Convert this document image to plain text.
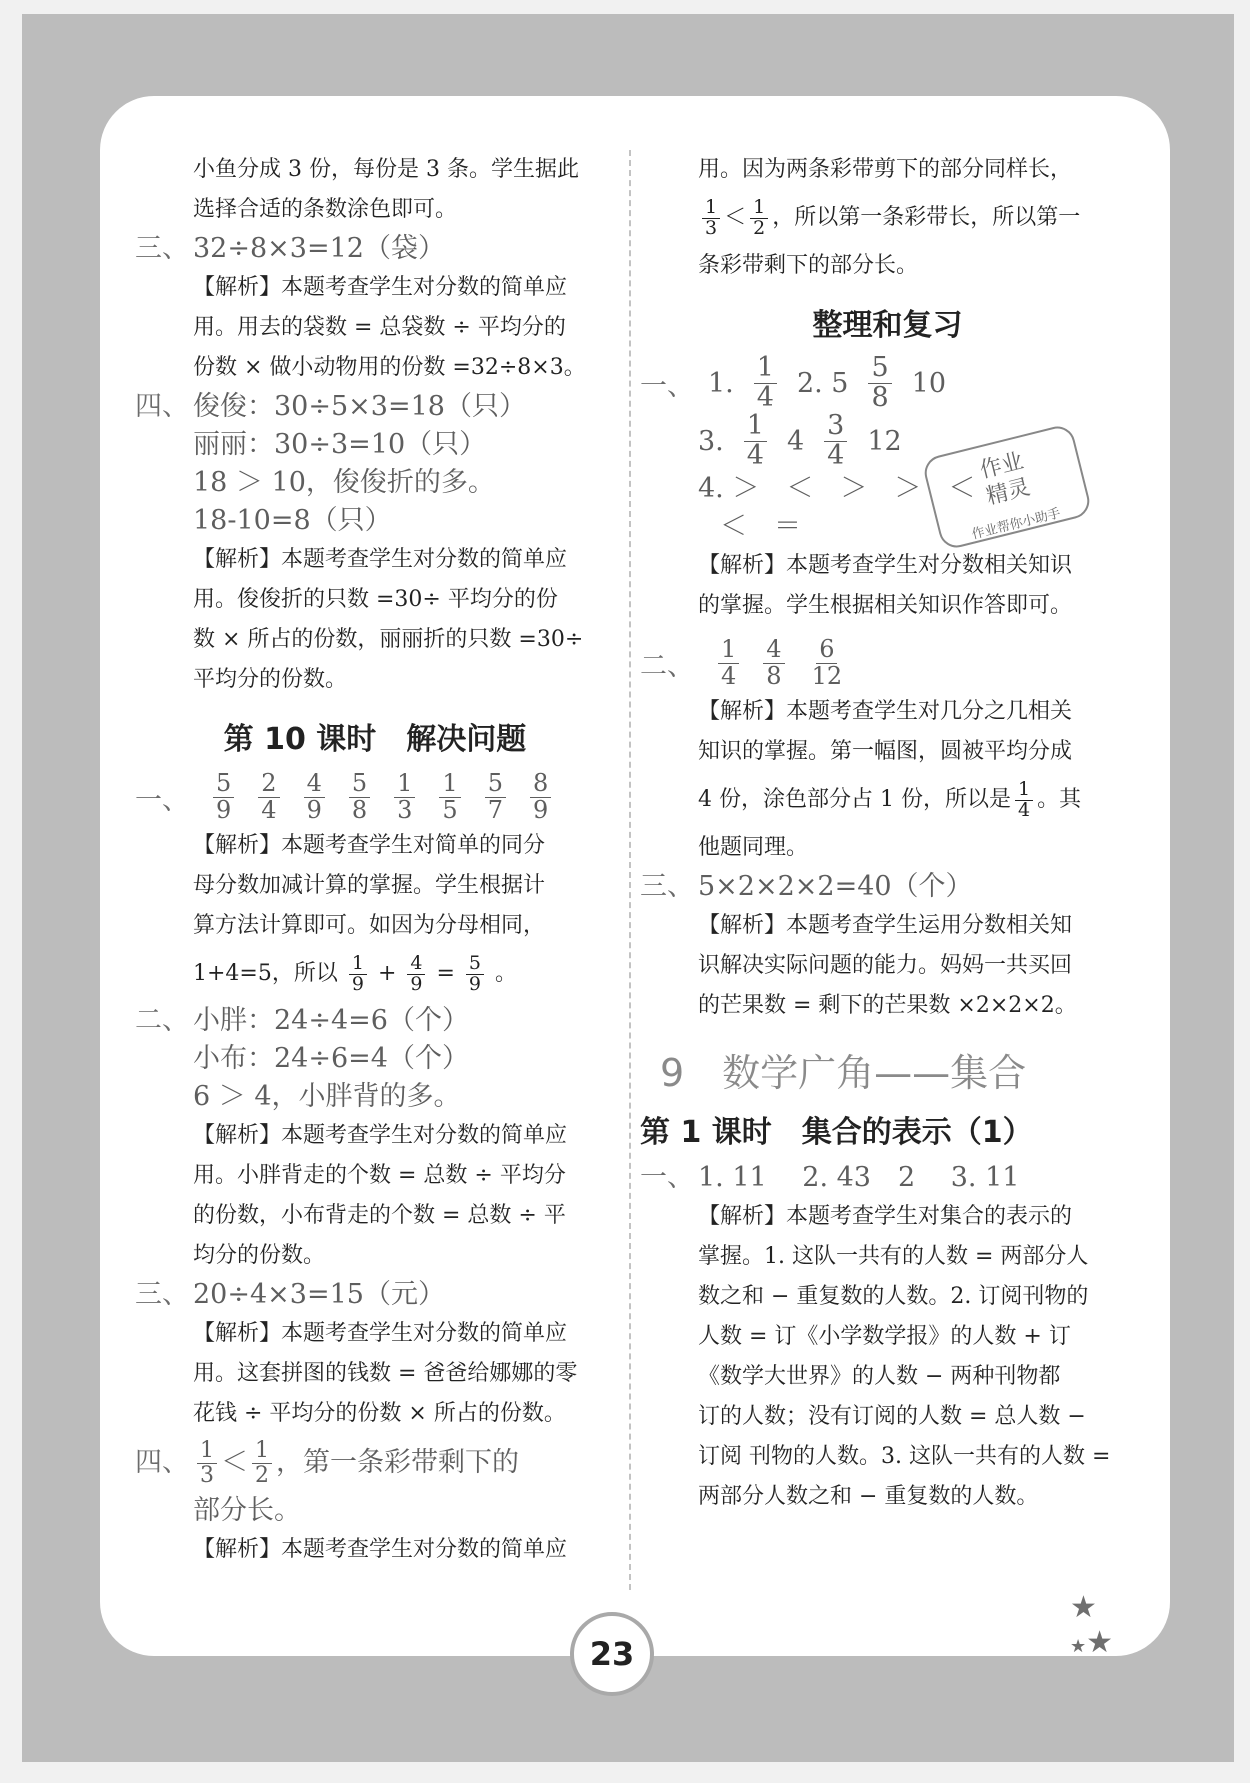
小鱼分成 3 份，每份是 3 条。学生据此
选择合适的条数涂色即可。
三、 32÷8×3=12（袋）
【解析】本题考查学生对分数的简单应
用。用去的袋数 = 总袋数 ÷ 平均分的
份数 × 做小动物用的份数 =32÷8×3。
四、 俊俊：30÷5×3=18（只）
丽丽：30÷3=10（只）
18 ＞ 10，俊俊折的多。
18-10=8（只）
【解析】本题考查学生对分数的简单应
用。俊俊折的只数 =30÷ 平均分的份
数 × 所占的份数，丽丽折的只数 =30÷
平均分的份数。
第 10 课时　解决问题
一、 $\frac{5}{9} \frac{2}{4} \frac{4}{9} \frac{5}{8} \frac{1}{3} \frac{1}{5} \frac{5}{7} \frac{8}{9}$
【解析】本题考查学生对简单的同分
母分数加减计算的掌握。学生根据计
算方法计算即可。如因为分母相同，
1+4=5，所以 $\frac{1}{9} + \frac{4}{9} = \frac{5}{9}$ 。
二、 小胖：24÷4=6（个）
小布：24÷6=4（个）
6 ＞ 4，小胖背的多。
【解析】本题考查学生对分数的简单应
用。小胖背走的个数 = 总数 ÷ 平均分
的份数，小布背走的个数 = 总数 ÷ 平
均分的份数。
三、 20÷4×3=15（元）
【解析】本题考查学生对分数的简单应
用。这套拼图的钱数 = 爸爸给娜娜的零
花钱 ÷ 平均分的份数 × 所占的份数。
四、 $\frac{1}{3} < \frac{1}{2}$ ，第一条彩带剩下的
部分长。
【解析】本题考查学生对分数的简单应
用。因为两条彩带剪下的部分同样长，
$\frac{1}{3} < \frac{1}{2}$ ，所以第一条彩带长，所以第一
条彩带剩下的部分长。
整理和复习
一、 1. $\frac{1}{4} 2$. $5 \frac{5}{8} 10$
3. $\frac{1}{4} 4 \frac{3}{4} 12$
4. ＞　＜　＞　＞　＜
＜　＝
【解析】本题考查学生对分数相关知识
的掌握。学生根据相关知识作答即可。
二、 $\frac{1}{4} \frac{4}{8} \frac{6}{12}$
【解析】本题考查学生对几分之几相关
知识的掌握。第一幅图，圆被平均分成
4 份，涂色部分占 1 份，所以是 $\frac{1}{4}$ 。其
他题同理。
三、 5×2×2×2=40（个）
【解析】本题考查学生运用分数相关知
识解决实际问题的能力。妈妈一共买回
的芒果数 = 剩下的芒果数 ×2×2×2。
9　数学广角——集合
第 1 课时　集合的表示（1）
一、 1. 11　 2. 43　2　 3. 11
【解析】本题考查学生对集合的表示的
掌握。1. 这队一共有的人数 = 两部分人
数之和 − 重复数的人数。2. 订阅刊物的
人数 = 订《小学数学报》的人数 + 订
《数学大世界》的人数 − 两种刊物都
订的人数；没有订阅的人数 = 总人数 −
订阅 刊物的人数。3. 这队一共有的人数 =
两部分人数之和 − 重复数的人数。
作业
精灵
作业帮你小助手
★
★★
23
